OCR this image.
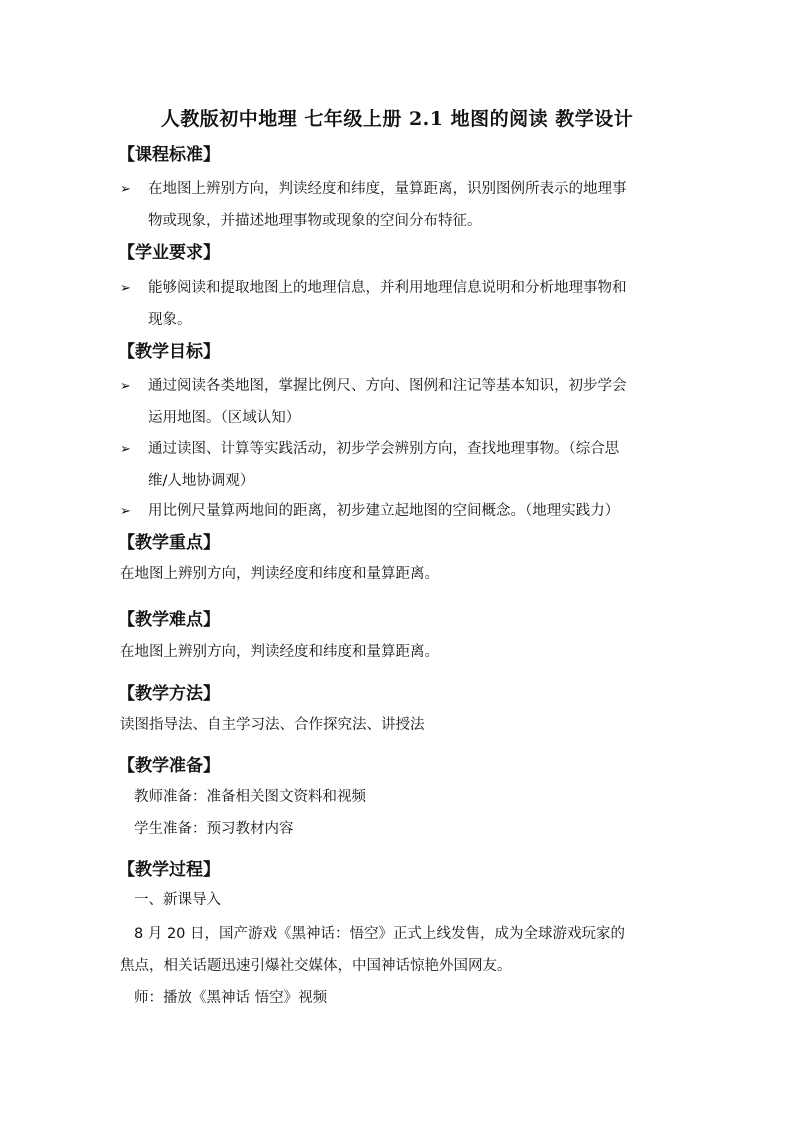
人教版初中地理 七年级上册 2.1 地图的阅读 教学设计
【课程标准】
➢ 在地图上辨别方向，判读经度和纬度，量算距离，识别图例所表示的地理事
物或现象，并描述地理事物或现象的空间分布特征。
【学业要求】
➢ 能够阅读和提取地图上的地理信息，并利用地理信息说明和分析地理事物和
现象。
【教学目标】
➢ 通过阅读各类地图，掌握比例尺、方向、图例和注记等基本知识，初步学会
运用地图。（区域认知）
➢ 通过读图、计算等实践活动，初步学会辨别方向，查找地理事物。（综合思
维/人地协调观）
➢ 用比例尺量算两地间的距离，初步建立起地图的空间概念。（地理实践力）
【教学重点】
在地图上辨别方向，判读经度和纬度和量算距离。
【教学难点】
在地图上辨别方向，判读经度和纬度和量算距离。
【教学方法】
读图指导法、自主学习法、合作探究法、讲授法
【教学准备】
教师准备：准备相关图文资料和视频
学生准备：预习教材内容
【教学过程】
一、新课导入
8 月 20 日，国产游戏《黑神话：悟空》正式上线发售，成为全球游戏玩家的
焦点，相关话题迅速引爆社交媒体，中国神话惊艳外国网友。
师：播放《黑神话 悟空》视频
